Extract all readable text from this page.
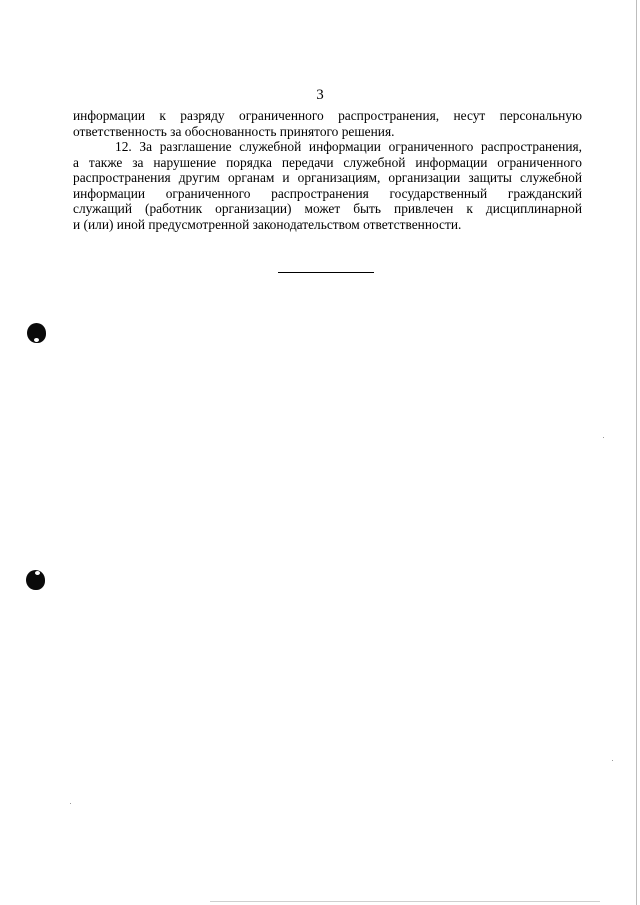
3
информации к разряду ограниченного распространения, несут персональную
ответственность за обоснованность принятого решения.
12. За разглашение служебной информации ограниченного распространения,
а также за нарушение порядка передачи служебной информации ограниченного
распространения другим органам и организациям, организации защиты служебной
информации ограниченного распространения государственный гражданский
служащий (работник организации) может быть привлечен к дисциплинарной
и (или) иной предусмотренной законодательством ответственности.
